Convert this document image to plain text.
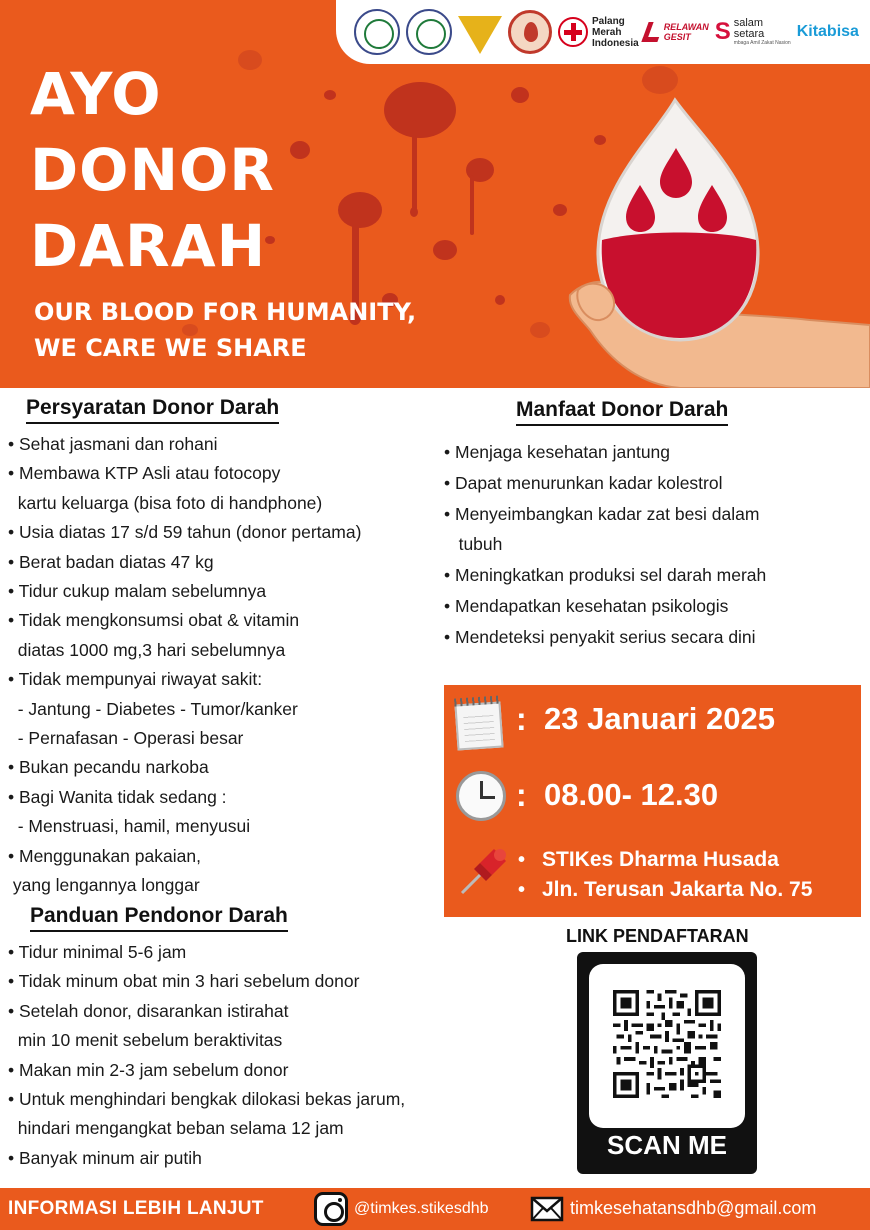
Palang
Merah
Indonesia
RELAWAN
GESIT S salam
setara
mbaga Amil Zakat Nasion
Kitabisa
AYO
DONOR
DARAH
OUR BLOOD FOR HUMANITY,
WE CARE WE SHARE
Persyaratan Donor Darah
• Sehat jasmani dan rohani
• Membawa KTP Asli atau fotocopy
kartu keluarga (bisa foto di handphone)
• Usia diatas 17 s/d 59 tahun (donor pertama)
• Berat badan diatas 47 kg
• Tidur cukup malam sebelumnya
• Tidak mengkonsumsi obat & vitamin
diatas 1000 mg,3 hari sebelumnya
• Tidak mempunyai riwayat sakit:
- Jantung - Diabetes - Tumor/kanker
- Pernafasan - Operasi besar
• Bukan pecandu narkoba
• Bagi Wanita tidak sedang :
- Menstruasi, hamil, menyusui
• Menggunakan pakaian,
yang lengannya longgar
Panduan Pendonor Darah
• Tidur minimal 5-6 jam
• Tidak minum obat min 3 hari sebelum donor
• Setelah donor, disarankan istirahat
min 10 menit sebelum beraktivitas
• Makan min 2-3 jam sebelum donor
• Untuk menghindari bengkak dilokasi bekas jarum,
hindari mengangkat beban selama 12 jam
• Banyak minum air putih
Manfaat Donor Darah
• Menjaga kesehatan jantung
• Dapat menurunkan kadar kolestrol
• Menyeimbangkan kadar zat besi dalam
tubuh
• Meningkatkan produksi sel darah merah
• Mendapatkan kesehatan psikologis
• Mendeteksi penyakit serius secara dini
: 23 Januari 2025
: 08.00- 12.30
• STIKes Dharma Husada
• Jln. Terusan Jakarta No. 75
LINK PENDAFTARAN
SCAN ME
INFORMASI LEBIH LANJUT	@timkes.stikesdhb	timkesehatansdhb@gmail.com
